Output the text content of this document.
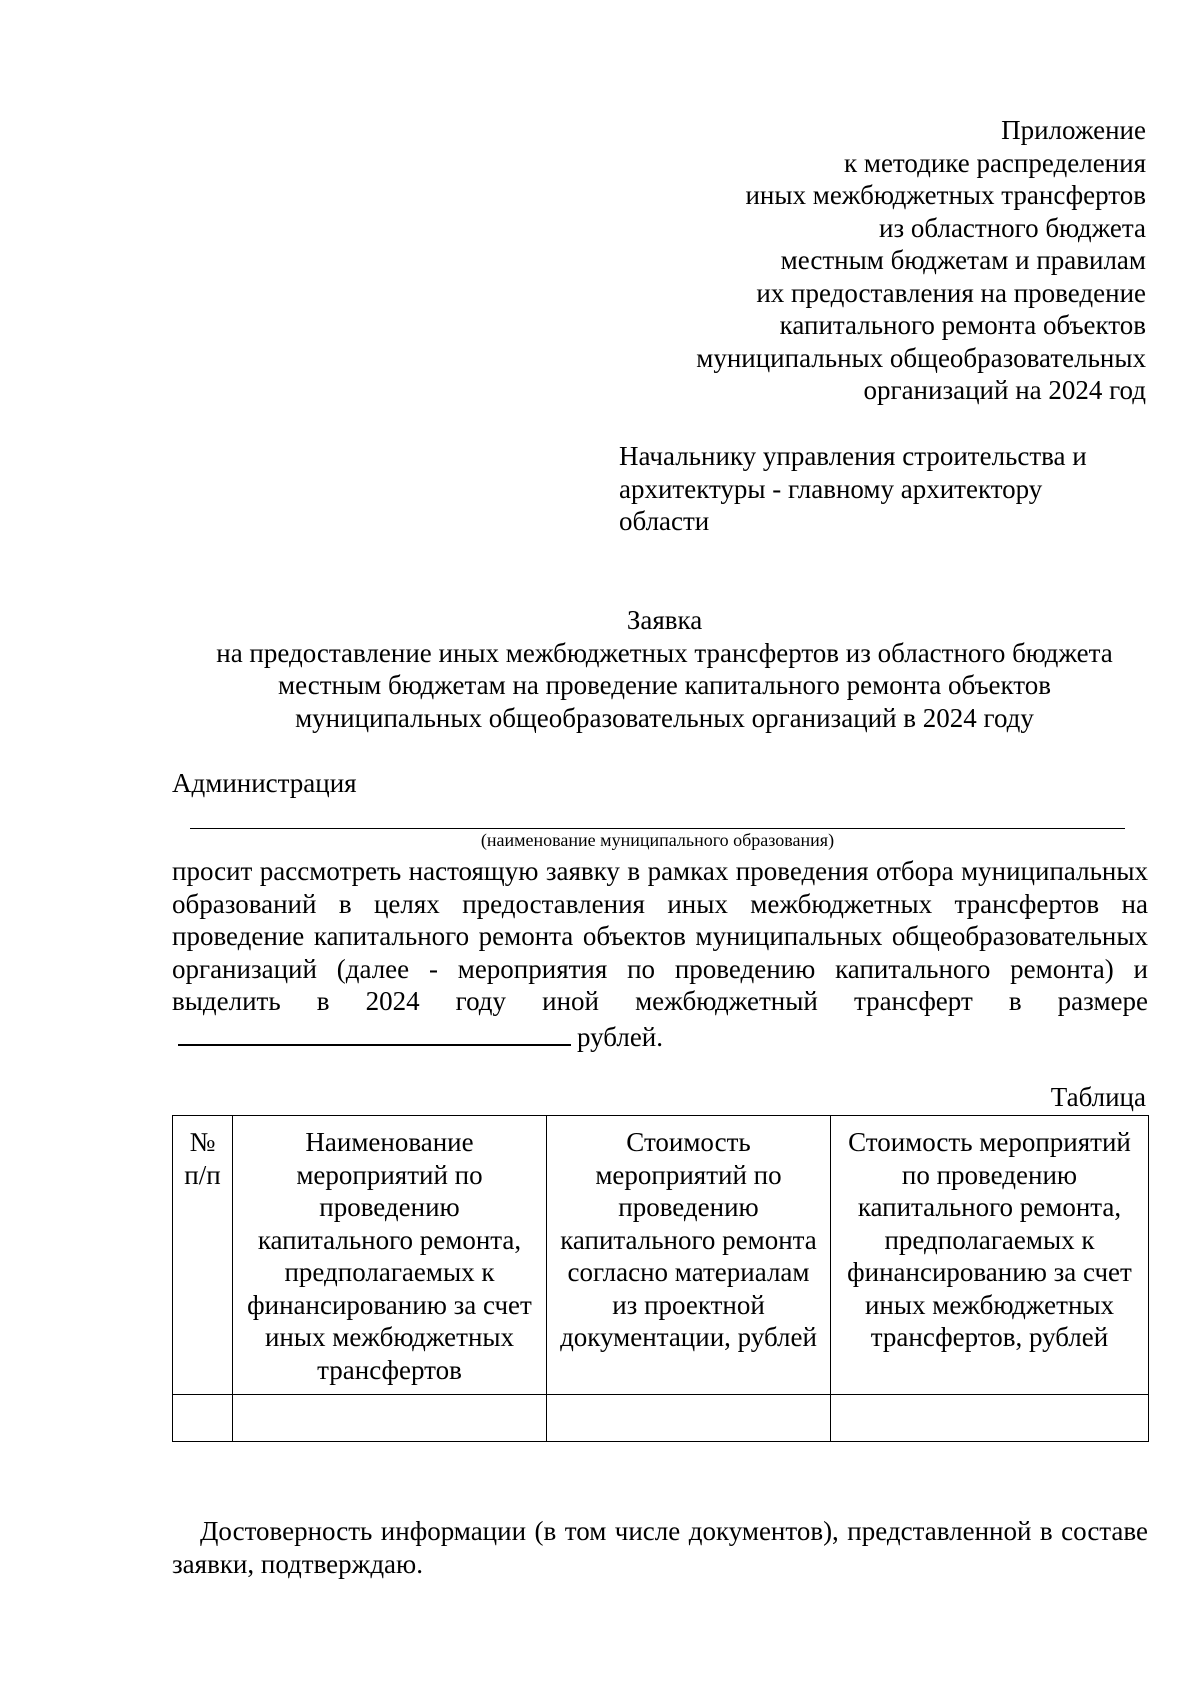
Приложение
к методике распределения
иных межбюджетных трансфертов
из областного бюджета
местным бюджетам и правилам
их предоставления на проведение
капитального ремонта объектов
муниципальных общеобразовательных
организаций на 2024 год
Начальнику управления строительства и
архитектуры - главному архитектору
области
Заявка
на предоставление иных межбюджетных трансфертов из областного бюджета
местным бюджетам на проведение капитального ремонта объектов
муниципальных общеобразовательных организаций в 2024 году
Администрация
(наименование муниципального образования)
просит рассмотреть настоящую заявку в рамках проведения отбора муниципальных образований в целях предоставления иных межбюджетных трансфертов на проведение капитального ремонта объектов муниципальных общеобразовательных организаций (далее - мероприятия по проведению капитального ремонта) и выделить в 2024 году иной межбюджетный трансферт в размерерублей.
Таблица
№ п/п	Наименование мероприятий по проведению капитального ремонта, предполагаемых к финансированию за счет иных межбюджетных трансфертов	Стоимость мероприятий по проведению капитального ремонта согласно материалам из проектной документации, рублей	Стоимость мероприятий по проведению капитального ремонта, предполагаемых к финансированию за счет иных межбюджетных трансфертов, рублей

Достоверность информации (в том числе документов), представленной в составе заявки, подтверждаю.
